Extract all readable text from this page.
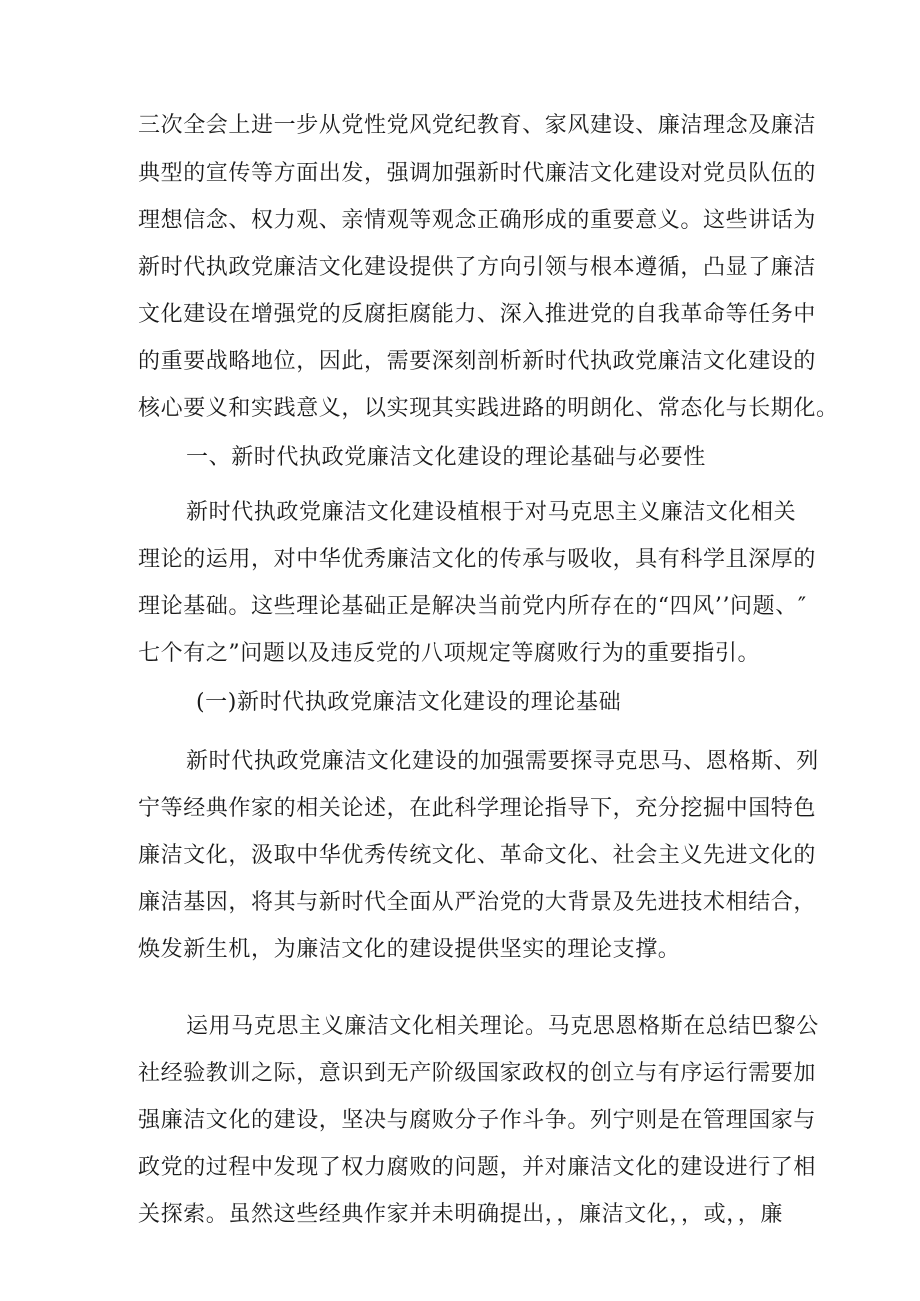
三次全会上进一步从党性党风党纪教育、家风建设、廉洁理念及廉洁
典型的宣传等方面出发，强调加强新时代廉洁文化建设对党员队伍的
理想信念、权力观、亲情观等观念正确形成的重要意义。这些讲话为
新时代执政党廉洁文化建设提供了方向引领与根本遵循，凸显了廉洁
文化建设在增强党的反腐拒腐能力、深入推进党的自我革命等任务中
的重要战略地位，因此，需要深刻剖析新时代执政党廉洁文化建设的
核心要义和实践意义，以实现其实践进路的明朗化、常态化与长期化。
一、新时代执政党廉洁文化建设的理论基础与必要性
新时代执政党廉洁文化建设植根于对马克思主义廉洁文化相关
理论的运用，对中华优秀廉洁文化的传承与吸收，具有科学且深厚的
理论基础。这些理论基础正是解决当前党内所存在的“四风’’问题、″
七个有之”问题以及违反党的八项规定等腐败行为的重要指引。
(一)新时代执政党廉洁文化建设的理论基础
新时代执政党廉洁文化建设的加强需要探寻克思马、恩格斯、列
宁等经典作家的相关论述，在此科学理论指导下，充分挖掘中国特色
廉洁文化，汲取中华优秀传统文化、革命文化、社会主义先进文化的
廉洁基因，将其与新时代全面从严治党的大背景及先进技术相结合，
焕发新生机，为廉洁文化的建设提供坚实的理论支撑。
运用马克思主义廉洁文化相关理论。马克思恩格斯在总结巴黎公
社经验教训之际，意识到无产阶级国家政权的创立与有序运行需要加
强廉洁文化的建设，坚决与腐败分子作斗争。列宁则是在管理国家与
政党的过程中发现了权力腐败的问题，并对廉洁文化的建设进行了相
关探索。虽然这些经典作家并未明确提出，，廉洁文化，，或，，廉
